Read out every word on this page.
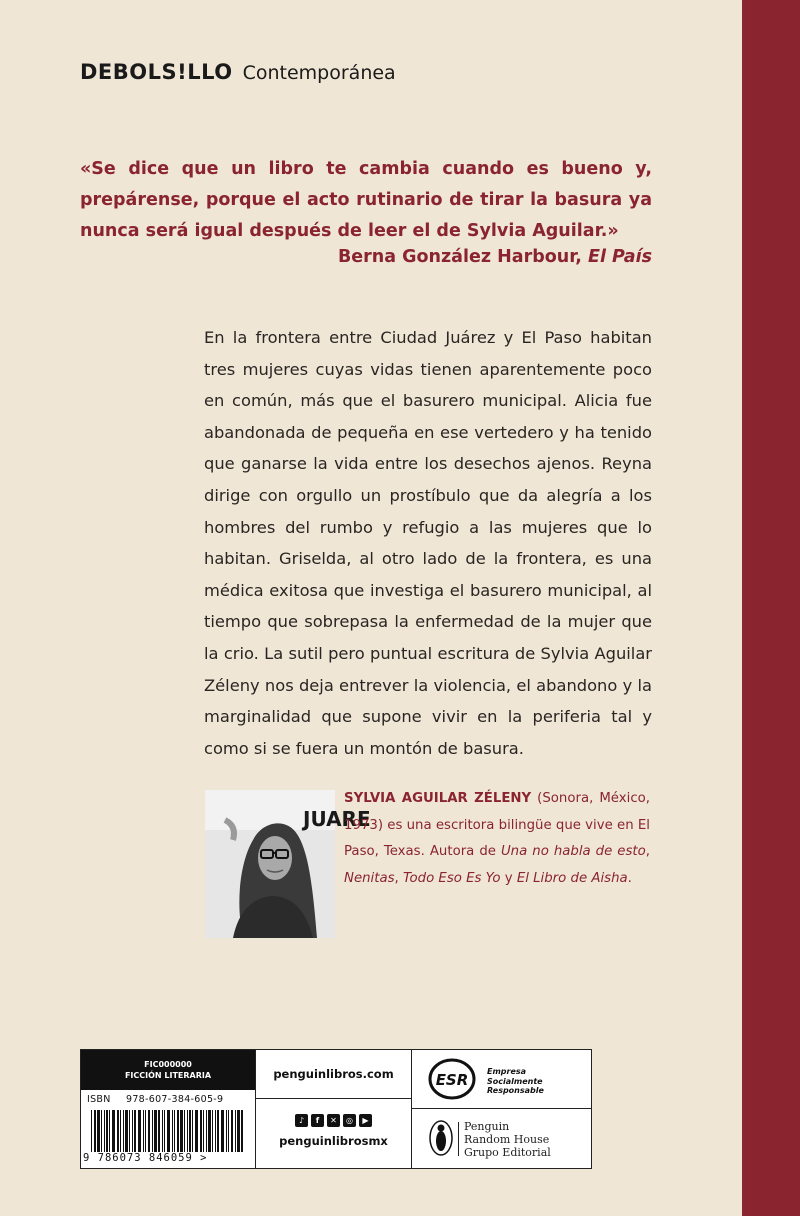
DEBOLS!LLO Contemporánea
«Se dice que un libro te cambia cuando es bueno y, prepárense, porque el acto rutinario de tirar la basura ya nunca será igual después de leer el de Sylvia Aguilar.»
Berna González Harbour, El País
En la frontera entre Ciudad Juárez y El Paso habitan tres mujeres cuyas vidas tienen aparentemente poco en común, más que el basurero municipal. Alicia fue abandonada de pequeña en ese vertedero y ha tenido que ganarse la vida entre los desechos ajenos. Reyna dirige con orgullo un prostíbulo que da alegría a los hombres del rumbo y refugio a las mujeres que lo habitan. Griselda, al otro lado de la frontera, es una médica exitosa que investiga el basurero municipal, al tiempo que sobrepasa la enfermedad de la mujer que la crio. La sutil pero puntual escritura de Sylvia Aguilar Zéleny nos deja entrever la violencia, el abandono y la marginalidad que supone vivir en la periferia tal y como si se fuera un montón de basura.
JUARE
SYLVIA AGUILAR ZÉLENY (Sonora, México, 1973) es una escritora bilingüe que vive en El Paso, Texas. Autora de Una no habla de esto, Nenitas, Todo Eso Es Yo y El Libro de Aisha.
FIC000000
FICCIÓN LITERARIA
ISBN 978-607-384-605-9
9 786073 846059 >
penguinlibros.com
♪	f	✕	◎	▶
penguinlibrosmx
ESR Empresa
Socialmente
Responsable
Penguin
Random House
Grupo Editorial
